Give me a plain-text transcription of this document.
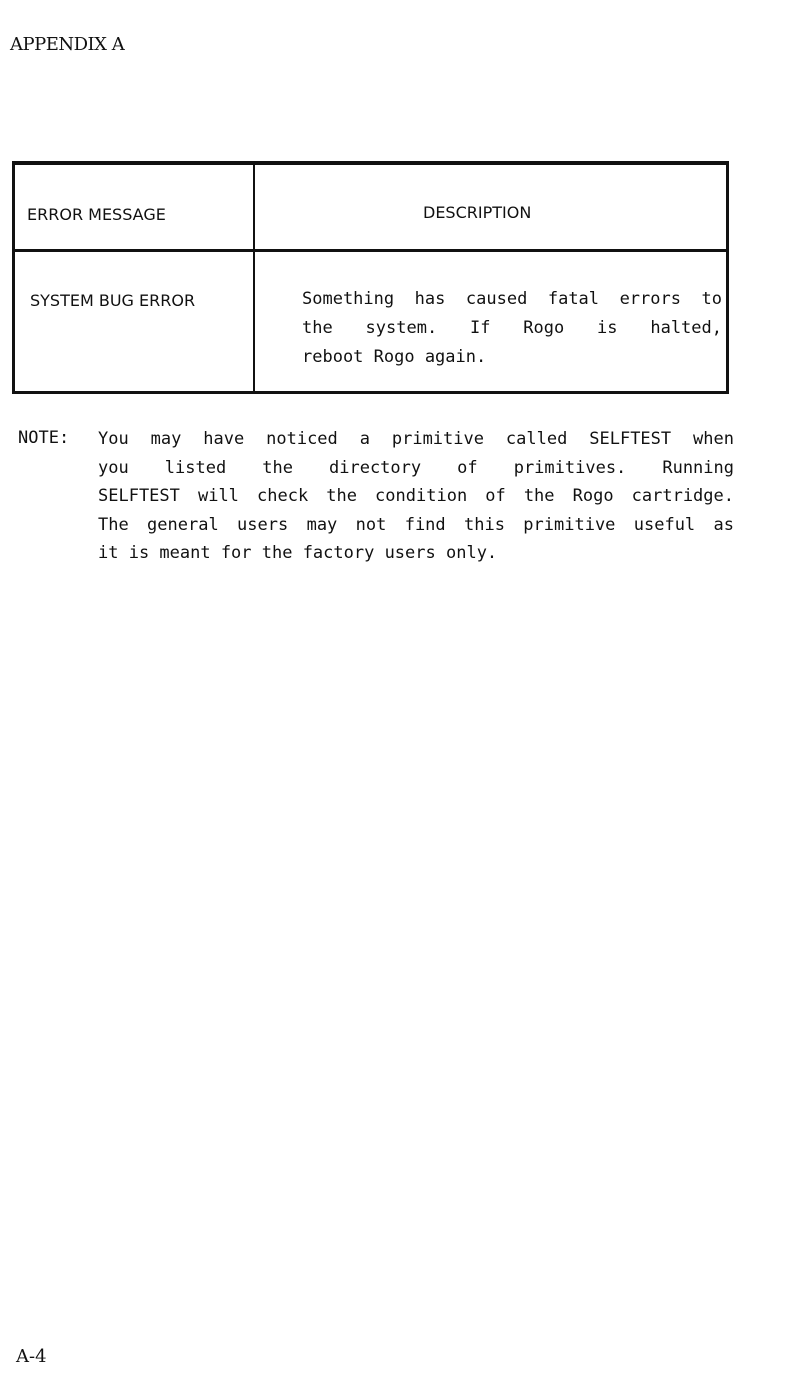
APPENDIX A
ERROR MESSAGE	DESCRIPTION
SYSTEM BUG ERROR	Something has caused fatal errors to
the system. If Rogo is halted,
reboot Rogo again.
NOTE: You may have noticed a primitive called SELFTEST when
you listed the directory of primitives. Running
SELFTEST will check the condition of the Rogo cartridge.
The general users may not find this primitive useful as
it is meant for the factory users only.
A-4
